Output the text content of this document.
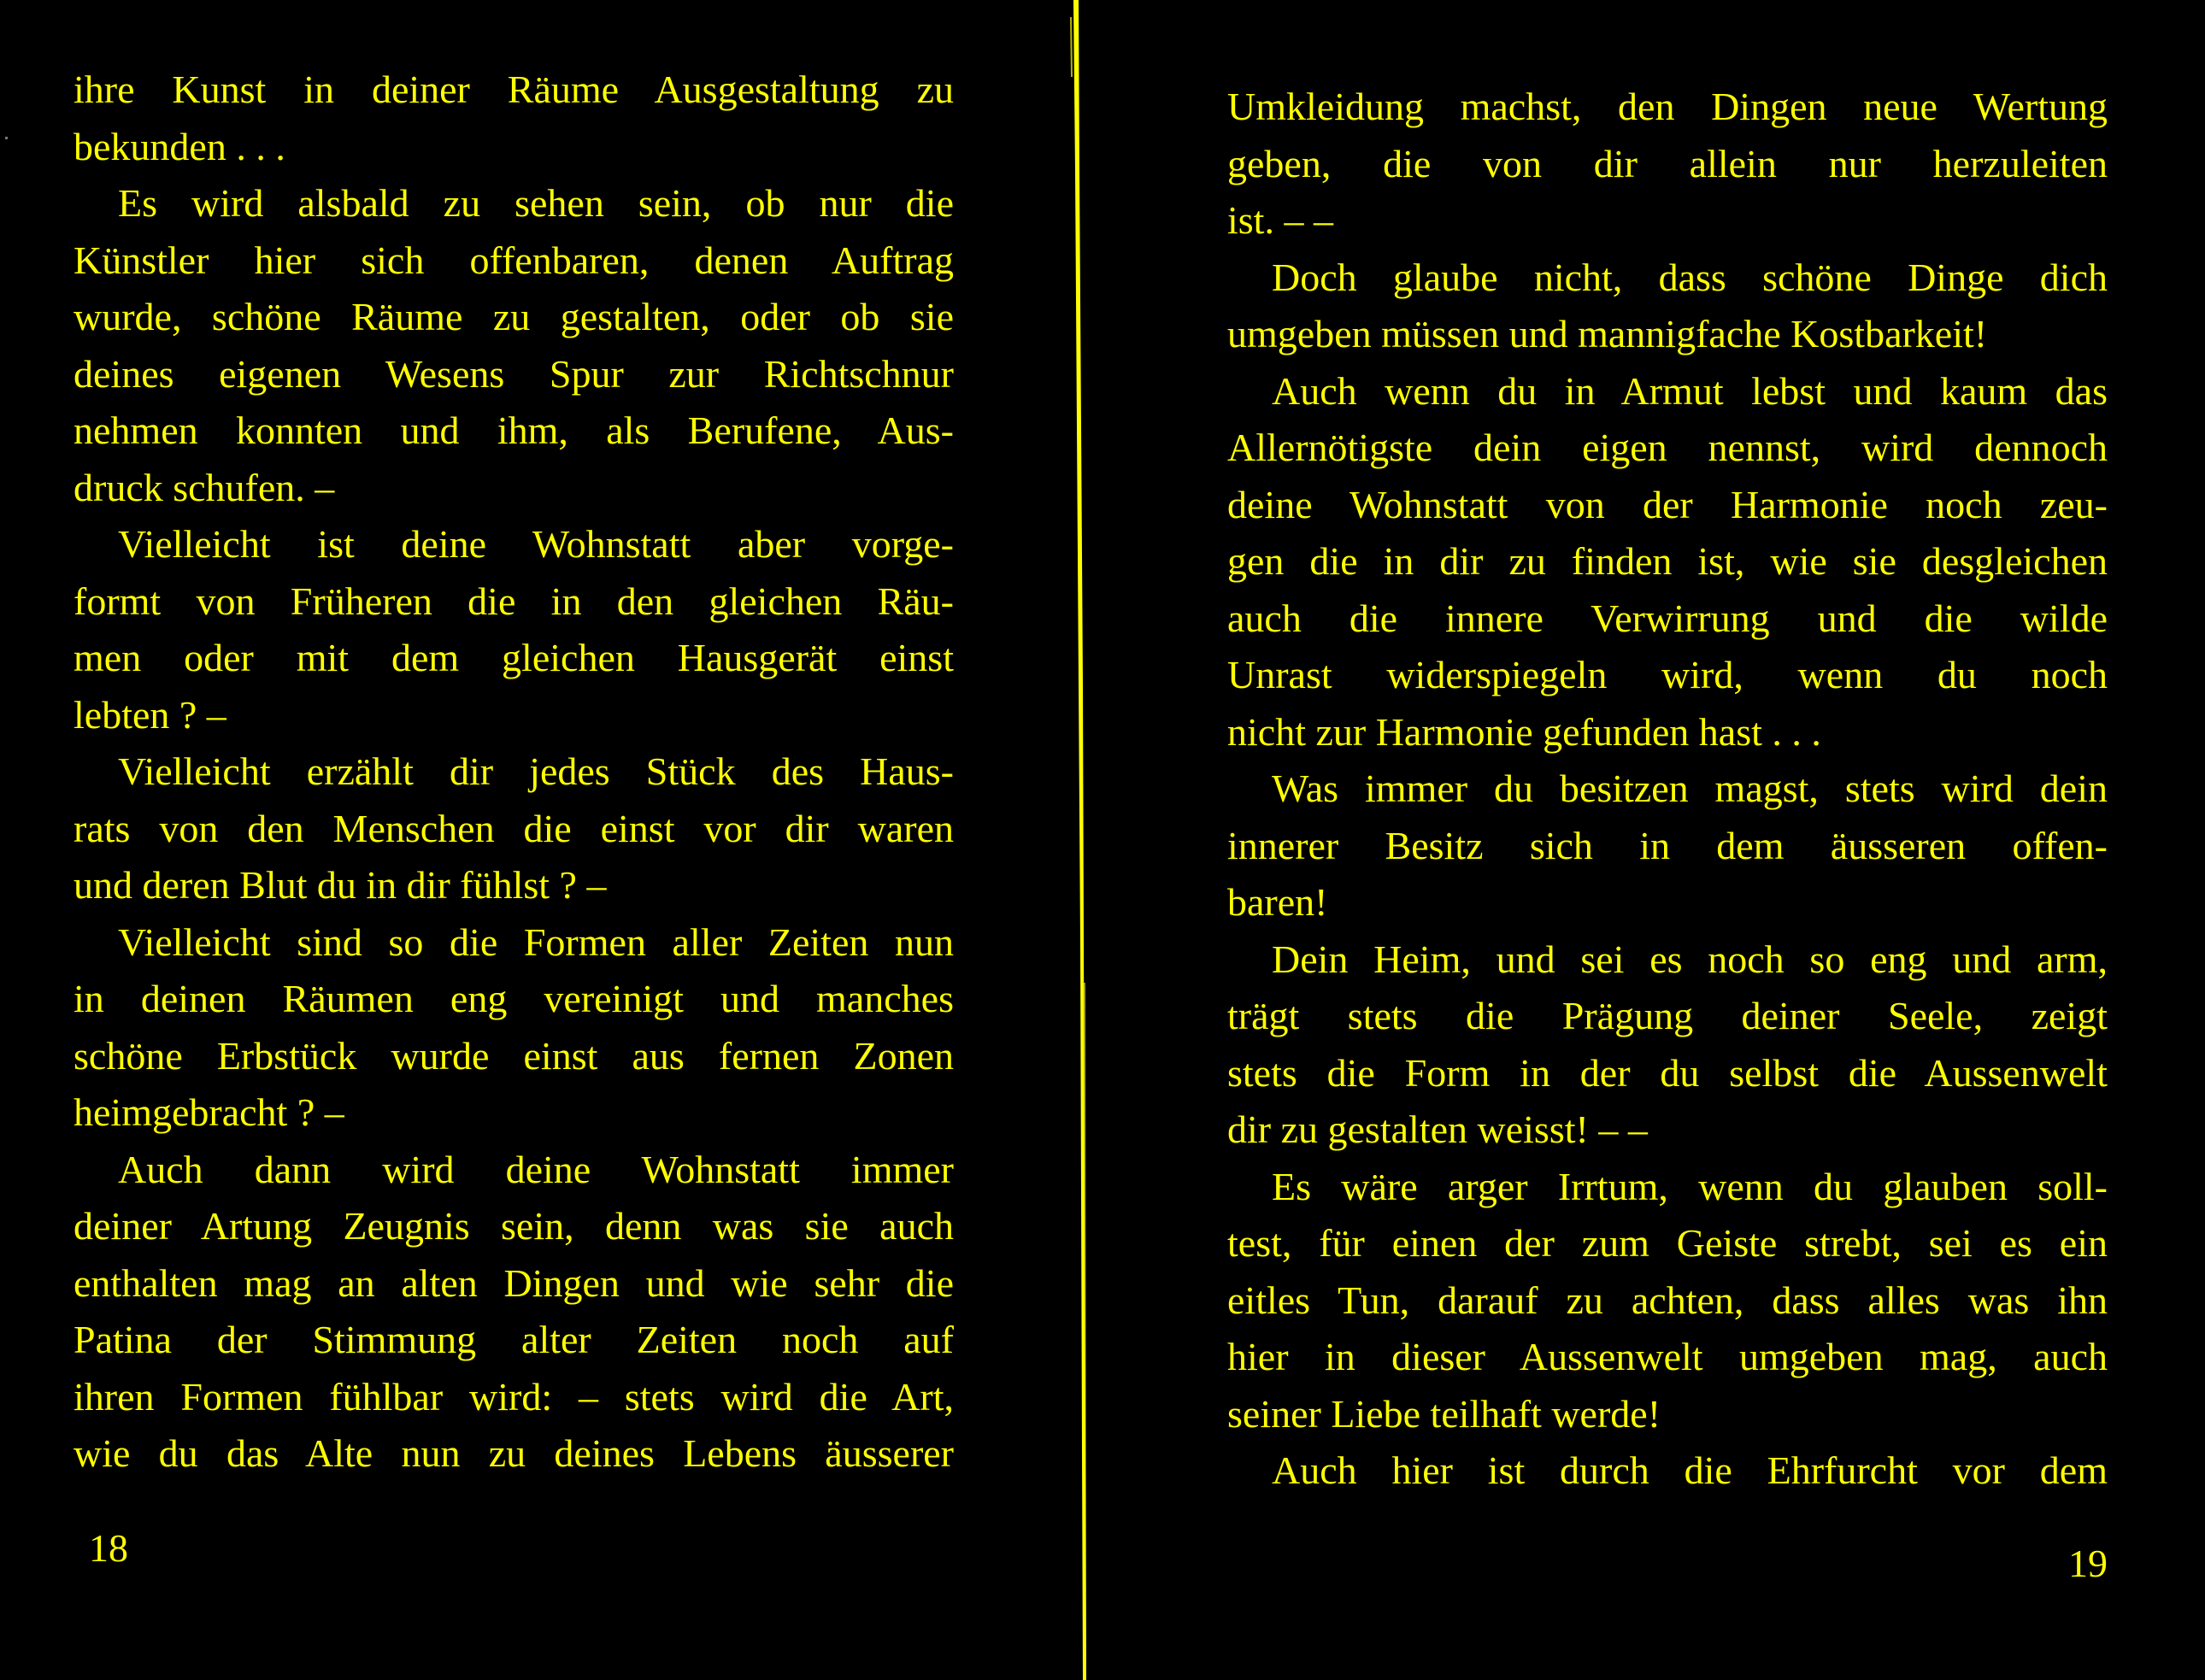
ihre Kunst in deiner Räume Ausgestaltung zu
bekunden . . .
Es wird alsbald zu sehen sein, ob nur die
Künstler hier sich offenbaren, denen Auftrag
wurde, schöne Räume zu gestalten, oder ob sie
deines eigenen Wesens Spur zur Richtschnur
nehmen konnten und ihm, als Berufene, Aus-
druck schufen. –
Vielleicht ist deine Wohnstatt aber vorge-
formt von Früheren die in den gleichen Räu-
men oder mit dem gleichen Hausgerät einst
lebten ? –
Vielleicht erzählt dir jedes Stück des Haus-
rats von den Menschen die einst vor dir waren
und deren Blut du in dir fühlst ? –
Vielleicht sind so die Formen aller Zeiten nun
in deinen Räumen eng vereinigt und manches
schöne Erbstück wurde einst aus fernen Zonen
heimgebracht ? –
Auch dann wird deine Wohnstatt immer
deiner Artung Zeugnis sein, denn was sie auch
enthalten mag an alten Dingen und wie sehr die
Patina der Stimmung alter Zeiten noch auf
ihren Formen fühlbar wird: – stets wird die Art,
wie du das Alte nun zu deines Lebens äusserer
18
Umkleidung machst, den Dingen neue Wertung
geben, die von dir allein nur herzuleiten
ist. – –
Doch glaube nicht, dass schöne Dinge dich
umgeben müssen und mannigfache Kostbarkeit!
Auch wenn du in Armut lebst und kaum das
Allernötigste dein eigen nennst, wird dennoch
deine Wohnstatt von der Harmonie noch zeu-
gen die in dir zu finden ist, wie sie desgleichen
auch die innere Verwirrung und die wilde
Unrast widerspiegeln wird, wenn du noch
nicht zur Harmonie gefunden hast . . .
Was immer du besitzen magst, stets wird dein
innerer Besitz sich in dem äusseren offen-
baren!
Dein Heim, und sei es noch so eng und arm,
trägt stets die Prägung deiner Seele, zeigt
stets die Form in der du selbst die Aussenwelt
dir zu gestalten weisst! – –
Es wäre arger Irrtum, wenn du glauben soll-
test, für einen der zum Geiste strebt, sei es ein
eitles Tun, darauf zu achten, dass alles was ihn
hier in dieser Aussenwelt umgeben mag, auch
seiner Liebe teilhaft werde!
Auch hier ist durch die Ehrfurcht vor dem
19
